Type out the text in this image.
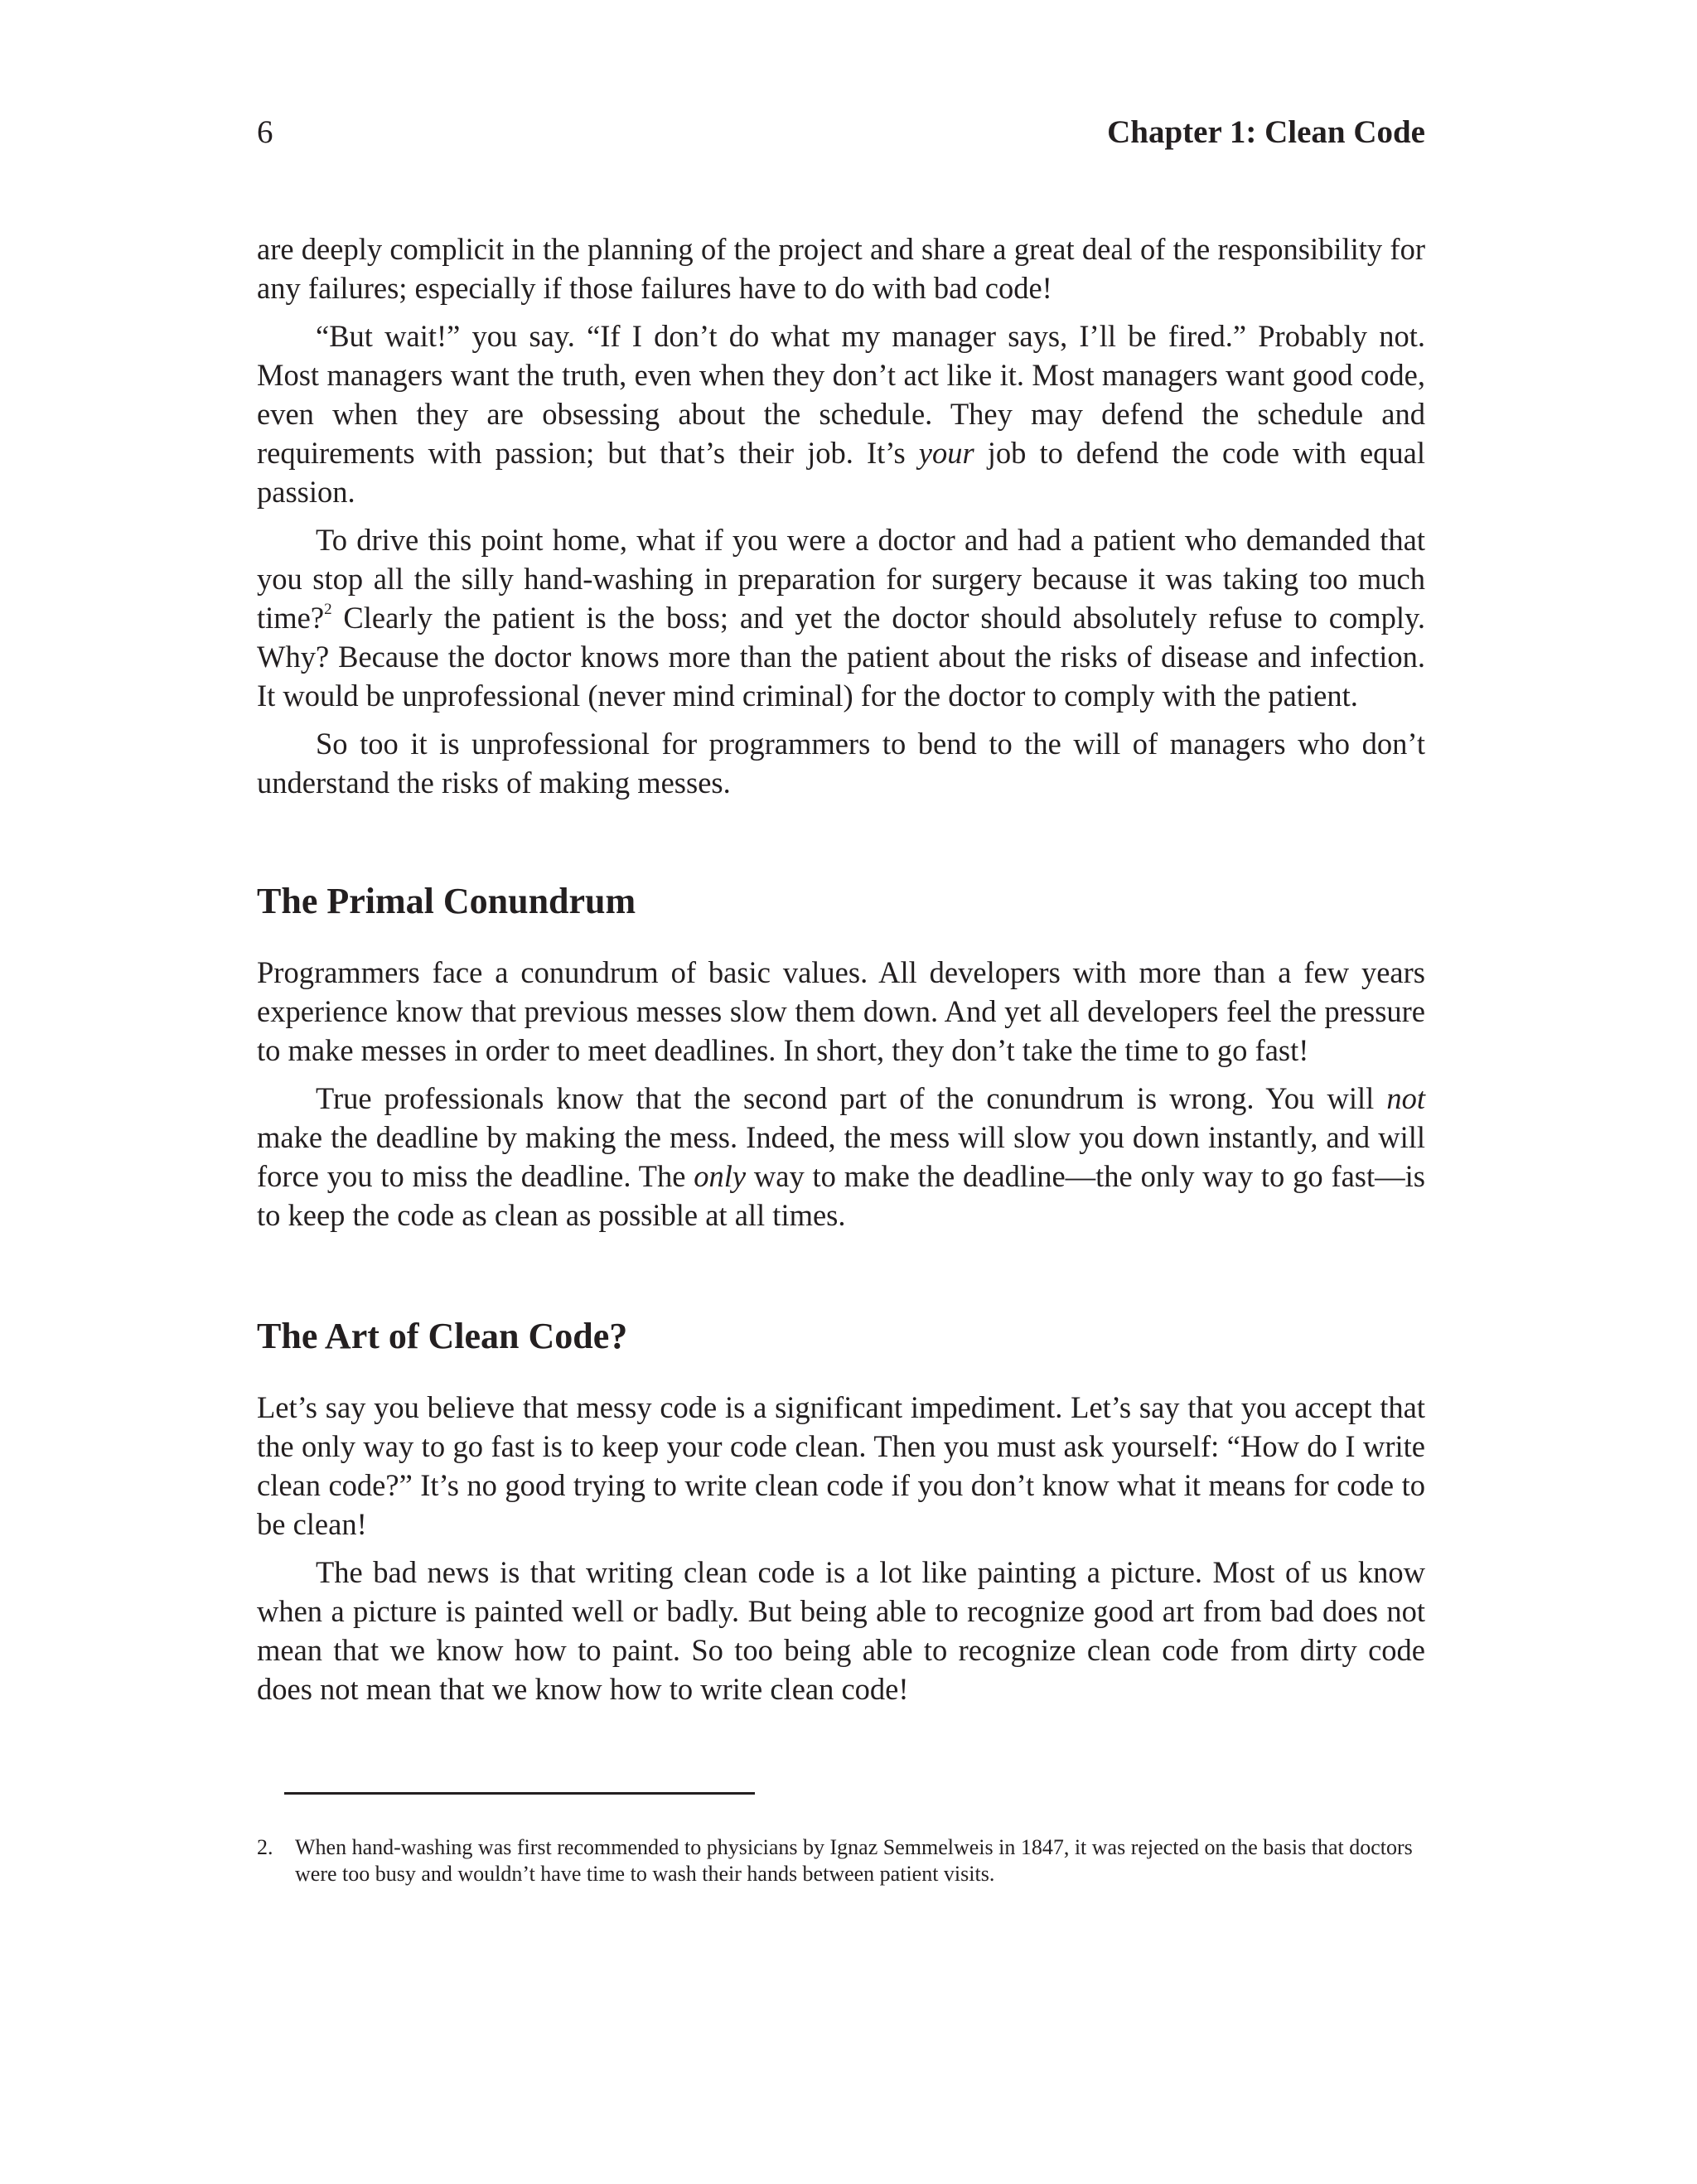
6	Chapter 1: Clean Code

are deeply complicit in the planning of the project and share a great deal of the responsibility for any failures; especially if those failures have to do with bad code!

“But wait!” you say. “If I don’t do what my manager says, I’ll be fired.” Probably not. Most managers want the truth, even when they don’t act like it. Most managers want good code, even when they are obsessing about the schedule. They may defend the schedule and requirements with passion; but that’s their job. It’s your job to defend the code with equal passion.

To drive this point home, what if you were a doctor and had a patient who demanded that you stop all the silly hand-washing in preparation for surgery because it was taking too much time?$^2$ Clearly the patient is the boss; and yet the doctor should absolutely refuse to comply. Why? Because the doctor knows more than the patient about the risks of disease and infection. It would be unprofessional (never mind criminal) for the doctor to comply with the patient.

So too it is unprofessional for programmers to bend to the will of managers who don’t understand the risks of making messes.

The Primal Conundrum

Programmers face a conundrum of basic values. All developers with more than a few years experience know that previous messes slow them down. And yet all developers feel the pressure to make messes in order to meet deadlines. In short, they don’t take the time to go fast!

True professionals know that the second part of the conundrum is wrong. You will not make the deadline by making the mess. Indeed, the mess will slow you down instantly, and will force you to miss the deadline. The only way to make the deadline—the only way to go fast—is to keep the code as clean as possible at all times.

The Art of Clean Code?

Let’s say you believe that messy code is a significant impediment. Let’s say that you accept that the only way to go fast is to keep your code clean. Then you must ask yourself: “How do I write clean code?” It’s no good trying to write clean code if you don’t know what it means for code to be clean!

The bad news is that writing clean code is a lot like painting a picture. Most of us know when a picture is painted well or badly. But being able to recognize good art from bad does not mean that we know how to paint. So too being able to recognize clean code from dirty code does not mean that we know how to write clean code!

2. When hand-washing was first recommended to physicians by Ignaz Semmelweis in 1847, it was rejected on the basis that doctors were too busy and wouldn’t have time to wash their hands between patient visits.
